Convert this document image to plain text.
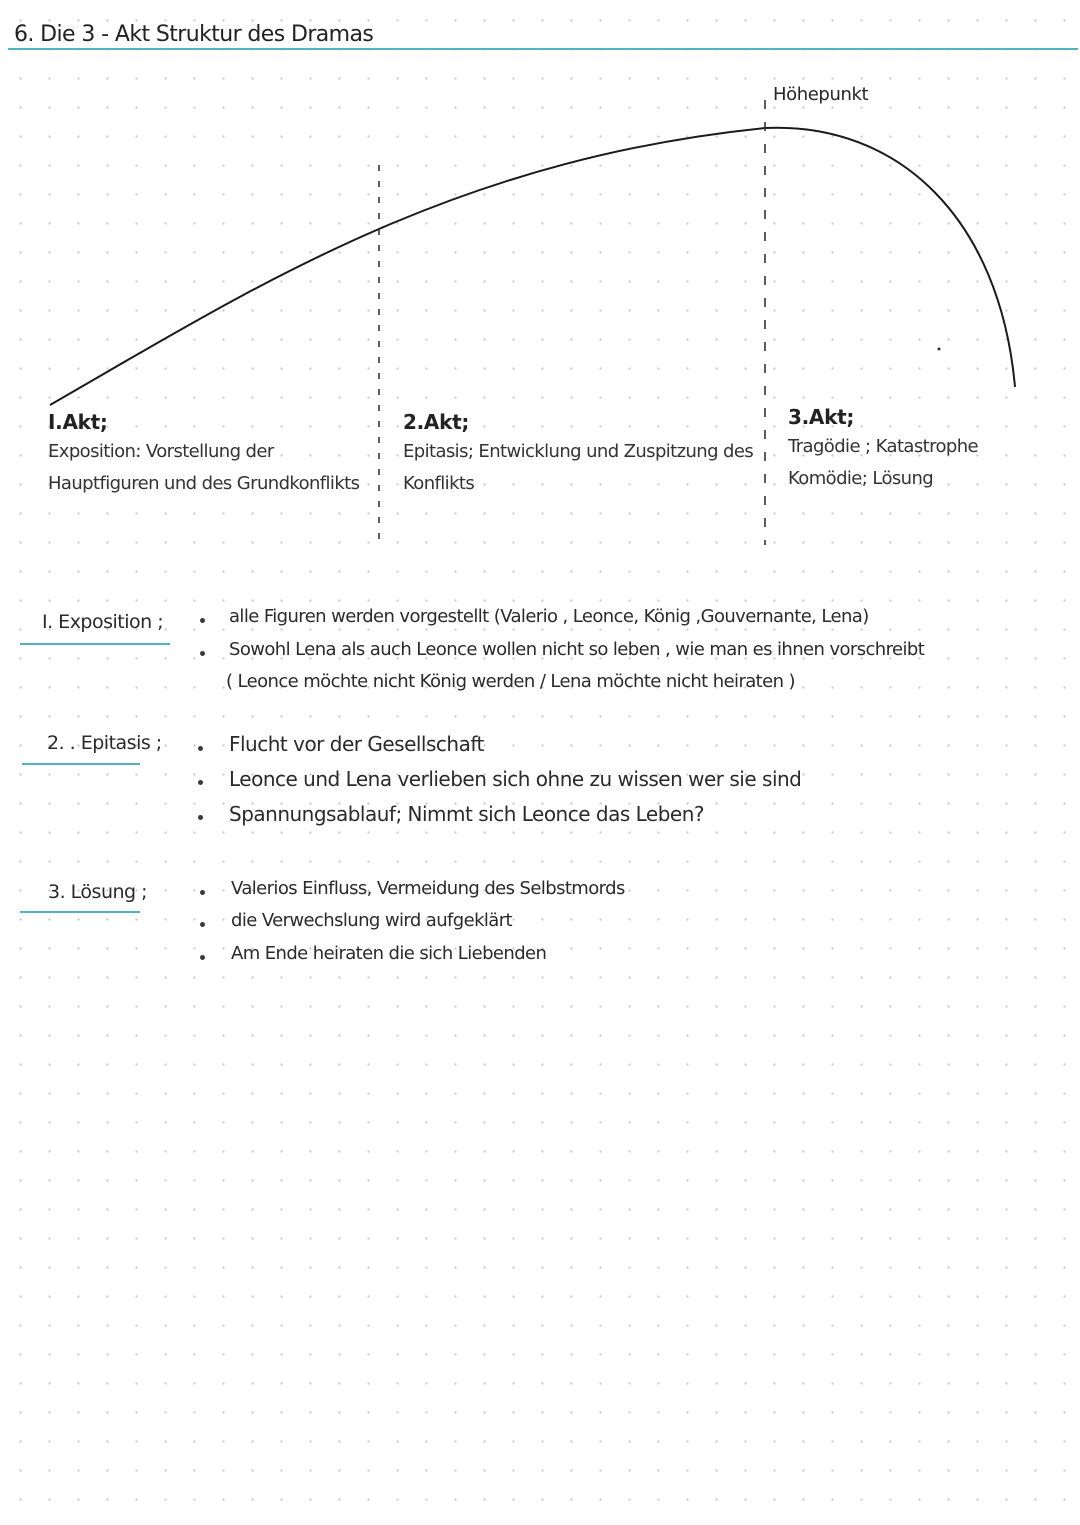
6. Die 3 - Akt Struktur des Dramas
Höhepunkt
I.Akt;
Exposition: Vorstellung der
Hauptfiguren und des Grundkonflikts
2.Akt;
Epitasis; Entwicklung und Zuspitzung des
Konflikts
3.Akt;
Tragödie ; Katastrophe
Komödie; Lösung
I. Exposition ;	alle Figuren werden vorgestellt (Valerio , Leonce, König ,Gouvernante, Lena)
Sowohl Lena als auch Leonce wollen nicht so leben , wie man es ihnen vorschreibt
( Leonce möchte nicht König werden / Lena möchte nicht heiraten )
2. . Epitasis ;	Flucht vor der Gesellschaft
Leonce und Lena verlieben sich ohne zu wissen wer sie sind
Spannungsablauf; Nimmt sich Leonce das Leben?
3. Lösung ;	Valerios Einfluss, Vermeidung des Selbstmords
die Verwechslung wird aufgeklärt
Am Ende heiraten die sich Liebenden
